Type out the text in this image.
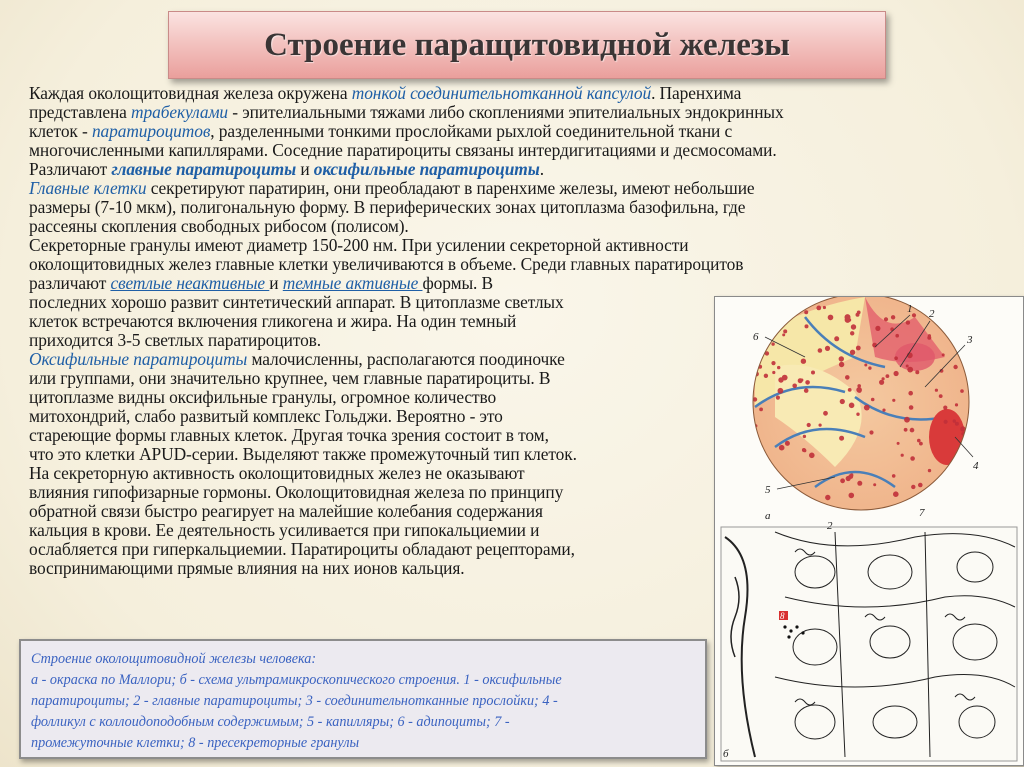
Строение паращитовидной железы
Каждая околощитовидная железа окружена тонкой соединительнотканной капсулой. Паренхима
представлена трабекулами - эпителиальными тяжами либо скоплениями эпителиальных эндокринных
клеток - паратироцитов, разделенными тонкими прослойками рыхлой соединительной ткани с
многочисленными капиллярами. Соседние паратироциты связаны интердигитациями и десмосомами.
Различают главные паратироциты и оксифильные паратироциты.
Главные клетки секретируют паратирин, они преобладают в паренхиме железы, имеют небольшие
размеры (7-10 мкм), полигональную форму. В периферических зонах цитоплазма базофильна, где
рассеяны скопления свободных рибосом (полисом).
Секреторные гранулы имеют диаметр 150-200 нм. При усилении секреторной активности
околощитовидных желез главные клетки увеличиваются в объеме. Среди главных паратироцитов
различают светлые неактивные и темные активные формы. В
последних хорошо развит синтетический аппарат. В цитоплазме светлых
клеток встречаются включения гликогена и жира. На один темный
приходится 3-5 светлых паратироцитов.
Оксифильные паратироциты малочисленны, располагаются поодиночке
или группами, они значительно крупнее, чем главные паратироциты. В
цитоплазме видны оксифильные гранулы, огромное количество
митохондрий, слабо развитый комплекс Гольджи. Вероятно - это
стареющие формы главных клеток. Другая точка зрения состоит в том,
что это клетки APUD-серии. Выделяют также промежуточный тип клеток.
На секреторную активность околощитовидных желез не оказывают
влияния гипофизарные гормоны. Околощитовидная железа по принципу
обратной связи быстро реагирует на малейшие колебания содержания
кальция в крови. Ее деятельность усиливается при гипокальциемии и
ослабляется при гиперкальциемии. Паратироциты обладают рецепторами,
воспринимающими прямые влияния на них ионов кальция.
6
1 2
3
4
5
а
2
7
8
б
Строение околощитовидной железы человека:
а - окраска по Маллори; б - схема ультрамикроскопического строения. 1 - оксифильные
паратироциты; 2 - главные паратироциты; 3 - соединительнотканные прослойки; 4 -
фолликул с коллоидоподобным содержимым; 5 - капилляры; 6 - адипоциты; 7 -
промежуточные клетки; 8 - пресекреторные гранулы
